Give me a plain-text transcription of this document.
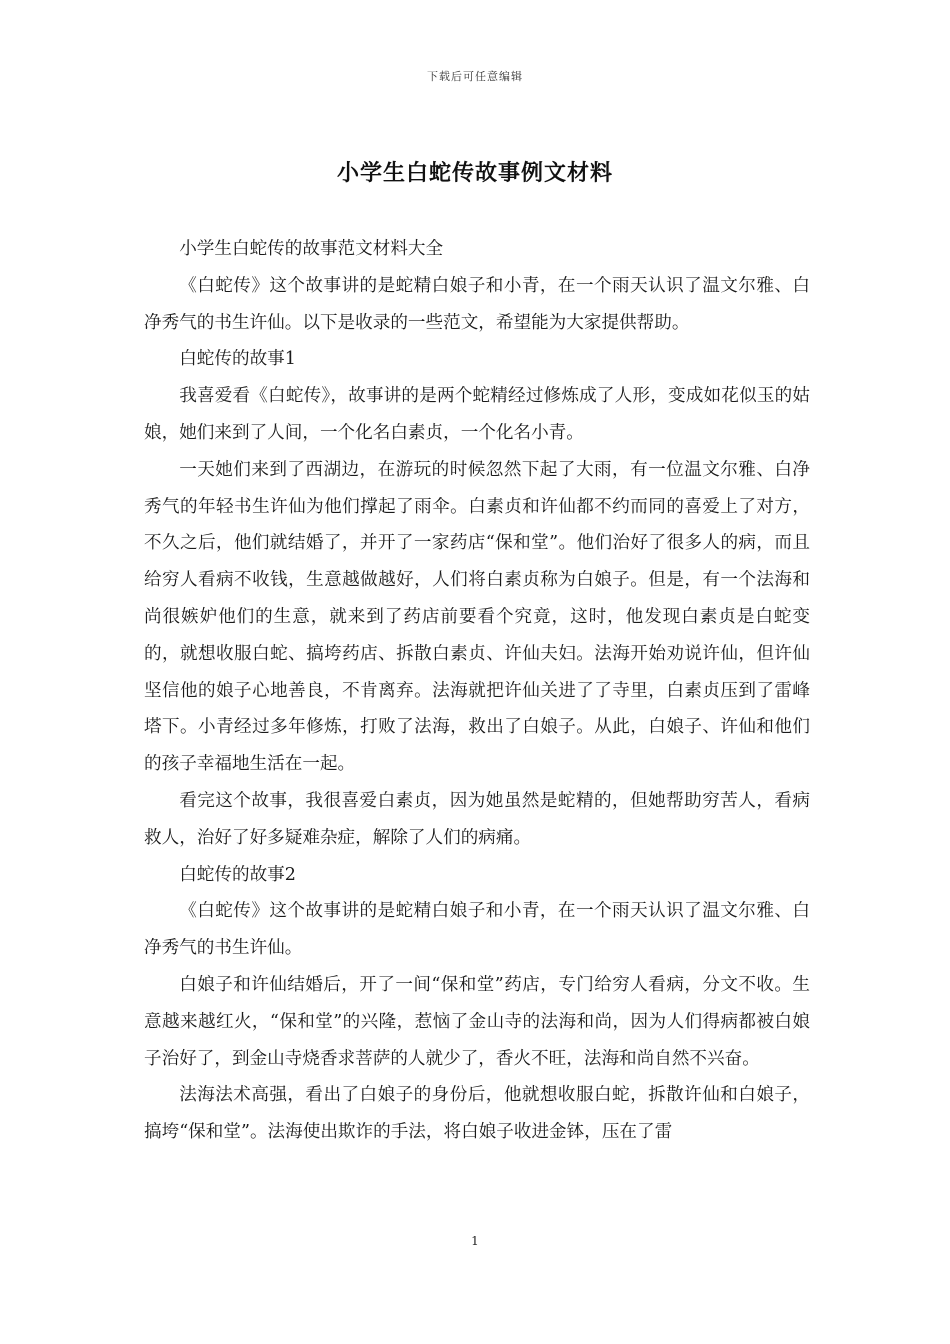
下载后可任意编辑
小学生白蛇传故事例文材料

小学生白蛇传的故事范文材料大全

《白蛇传》这个故事讲的是蛇精白娘子和小青，在一个雨天认识了温文尔雅、白净秀气的书生许仙。以下是收录的一些范文，希望能为大家提供帮助。

白蛇传的故事1

我喜爱看《白蛇传》，故事讲的是两个蛇精经过修炼成了人形，变成如花似玉的姑娘，她们来到了人间，一个化名白素贞，一个化名小青。

一天她们来到了西湖边，在游玩的时候忽然下起了大雨，有一位温文尔雅、白净秀气的年轻书生许仙为他们撑起了雨伞。白素贞和许仙都不约而同的喜爱上了对方，不久之后，他们就结婚了，并开了一家药店“保和堂”。他们治好了很多人的病，而且给穷人看病不收钱，生意越做越好，人们将白素贞称为白娘子。但是，有一个法海和尚很嫉妒他们的生意，就来到了药店前要看个究竟，这时，他发现白素贞是白蛇变的，就想收服白蛇、搞垮药店、拆散白素贞、许仙夫妇。法海开始劝说许仙，但许仙坚信他的娘子心地善良，不肯离弃。法海就把许仙关进了了寺里，白素贞压到了雷峰塔下。小青经过多年修炼，打败了法海，救出了白娘子。从此，白娘子、许仙和他们的孩子幸福地生活在一起。

看完这个故事，我很喜爱白素贞，因为她虽然是蛇精的，但她帮助穷苦人，看病救人，治好了好多疑难杂症，解除了人们的病痛。

白蛇传的故事2

《白蛇传》这个故事讲的是蛇精白娘子和小青，在一个雨天认识了温文尔雅、白净秀气的书生许仙。

白娘子和许仙结婚后，开了一间“保和堂”药店，专门给穷人看病，分文不收。生意越来越红火，“保和堂”的兴隆，惹恼了金山寺的法海和尚，因为人们得病都被白娘子治好了，到金山寺烧香求菩萨的人就少了，香火不旺，法海和尚自然不兴奋。

法海法术高强，看出了白娘子的身份后，他就想收服白蛇，拆散许仙和白娘子，搞垮“保和堂”。法海使出欺诈的手法，将白娘子收进金钵，压在了雷

1
